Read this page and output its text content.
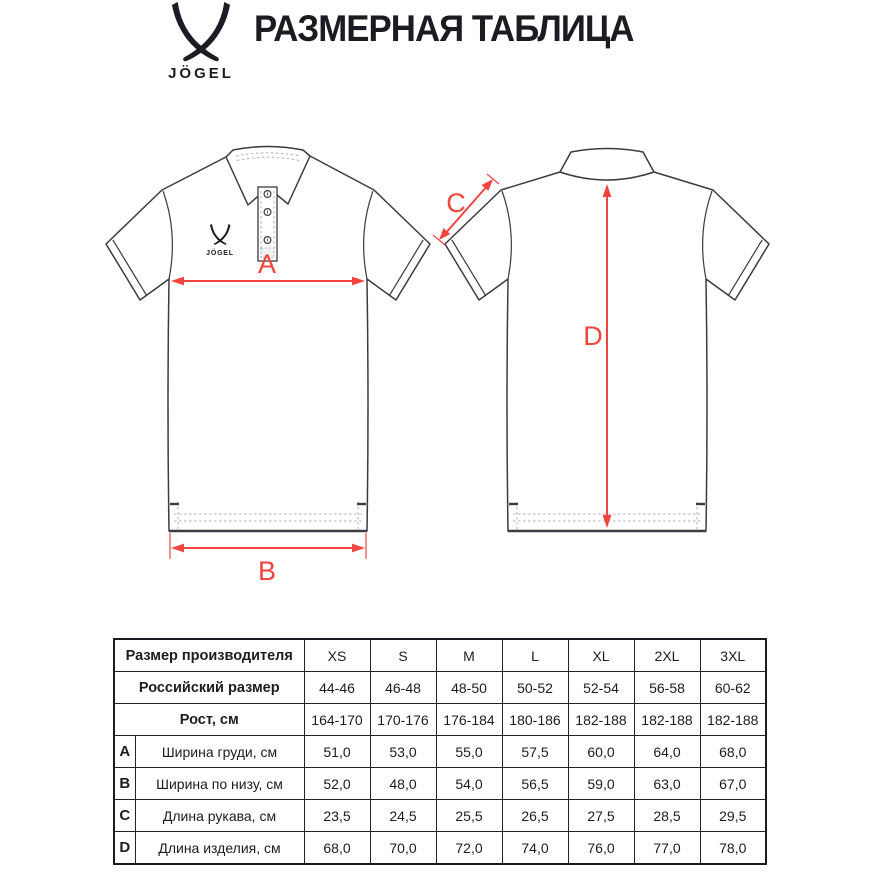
JÖGEL
РАЗМЕРНАЯ ТАБЛИЦА
JÖGEL A
B
C
D
Размер производителя		XS	S	M	L	XL	2XL	3XL
Российский размер		44-46	46-48	48-50	50-52	52-54	56-58	60-62
Рост, см		164-170	170-176	176-184	180-186	182-188	182-188	182-188
A	Ширина груди, см	51,0	53,0	55,0	57,5	60,0	64,0	68,0
B	Ширина по низу, см	52,0	48,0	54,0	56,5	59,0	63,0	67,0
C	Длина рукава, см	23,5	24,5	25,5	26,5	27,5	28,5	29,5
D	Длина изделия, см	68,0	70,0	72,0	74,0	76,0	77,0	78,0
